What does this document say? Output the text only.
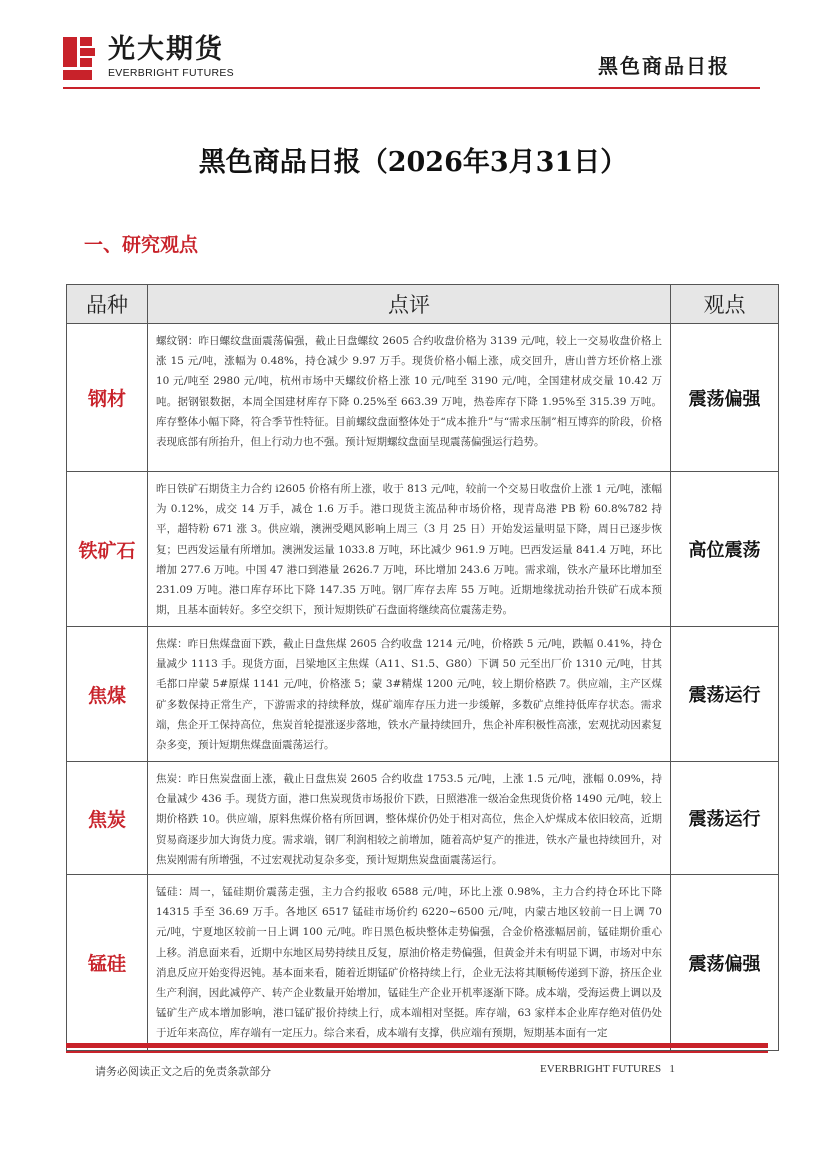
光大期货
EVERBRIGHT FUTURES	黑色商品日报
黑色商品日报（2026年3月31日）
一、研究观点
品种	点评	观点
钢材	螺纹钢：昨日螺纹盘面震荡偏强，截止日盘螺纹 2605 合约收盘价格为 3139 元/吨，较上一交易收盘价格上涨 15 元/吨，涨幅为 0.48%，持仓减少 9.97 万手。现货价格小幅上涨，成交回升，唐山普方坯价格上涨 10 元/吨至 2980 元/吨，杭州市场中天螺纹价格上涨 10 元/吨至 3190 元/吨，全国建材成交量 10.42 万吨。据钢银数据，本周全国建材库存下降 0.25%至 663.39 万吨，热卷库存下降 1.95%至 315.39 万吨。库存整体小幅下降，符合季节性特征。目前螺纹盘面整体处于“成本推升”与“需求压制”相互博弈的阶段，价格表现底部有所抬升，但上行动力也不强。预计短期螺纹盘面呈现震荡偏强运行趋势。	震荡偏强
铁矿石	昨日铁矿石期货主力合约 i2605 价格有所上涨，收于 813 元/吨，较前一个交易日收盘价上涨 1 元/吨，涨幅为 0.12%，成交 14 万手，减仓 1.6 万手。港口现货主流品种市场价格，现青岛港 PB 粉 60.8%782 持平，超特粉 671 涨 3。供应端，澳洲受飓风影响上周三（3 月 25 日）开始发运量明显下降，周日已逐步恢复；巴西发运量有所增加。澳洲发运量 1033.8 万吨，环比减少 961.9 万吨。巴西发运量 841.4 万吨，环比增加 277.6 万吨。中国 47 港口到港量 2626.7 万吨，环比增加 243.6 万吨。需求端，铁水产量环比增加至 231.09 万吨。港口库存环比下降 147.35 万吨。钢厂库存去库 55 万吨。近期地缘扰动抬升铁矿石成本预期，且基本面转好。多空交织下，预计短期铁矿石盘面将继续高位震荡走势。	高位震荡
焦煤	焦煤：昨日焦煤盘面下跌，截止日盘焦煤 2605 合约收盘 1214 元/吨，价格跌 5 元/吨，跌幅 0.41%，持仓量减少 1113 手。现货方面，吕梁地区主焦煤（A11、S1.5、G80）下调 50 元至出厂价 1310 元/吨，甘其毛都口岸蒙 5#原煤 1141 元/吨，价格涨 5；蒙 3#精煤 1200 元/吨，较上期价格跌 7。供应端，主产区煤矿多数保持正常生产，下游需求的持续释放，煤矿端库存压力进一步缓解，多数矿点维持低库存状态。需求端，焦企开工保持高位，焦炭首轮提涨逐步落地，铁水产量持续回升，焦企补库积极性高涨，宏观扰动因素复杂多变，预计短期焦煤盘面震荡运行。	震荡运行
焦炭	焦炭：昨日焦炭盘面上涨，截止日盘焦炭 2605 合约收盘 1753.5 元/吨，上涨 1.5 元/吨，涨幅 0.09%，持仓量减少 436 手。现货方面，港口焦炭现货市场报价下跌，日照港准一级冶金焦现货价格 1490 元/吨，较上期价格跌 10。供应端，原料焦煤价格有所回调，整体煤价仍处于相对高位，焦企入炉煤成本依旧较高，近期贸易商逐步加大询货力度。需求端，钢厂利润相较之前增加，随着高炉复产的推进，铁水产量也持续回升，对焦炭刚需有所增强，不过宏观扰动复杂多变，预计短期焦炭盘面震荡运行。	震荡运行
锰硅	锰硅：周一，锰硅期价震荡走强，主力合约报收 6588 元/吨，环比上涨 0.98%，主力合约持仓环比下降 14315 手至 36.69 万手。各地区 6517 锰硅市场价约 6220~6500 元/吨，内蒙古地区较前一日上调 70 元/吨，宁夏地区较前一日上调 100 元/吨。昨日黑色板块整体走势偏强，合金价格涨幅居前，锰硅期价重心上移。消息面来看，近期中东地区局势持续且反复，原油价格走势偏强，但黄金并未有明显下调，市场对中东消息反应开始变得迟钝。基本面来看，随着近期锰矿价格持续上行，企业无法将其顺畅传递到下游，挤压企业生产利润，因此减停产、转产企业数量开始增加，锰硅生产企业开机率逐渐下降。成本端，受海运费上调以及锰矿生产成本增加影响，港口锰矿报价持续上行，成本端相对坚挺。库存端，63 家样本企业库存绝对值仍处于近年来高位，库存端有一定压力。综合来看，成本端有支撑，供应端有预期，短期基本面有一定	震荡偏强
请务必阅读正文之后的免责条款部分	EVERBRIGHT FUTURES 1
